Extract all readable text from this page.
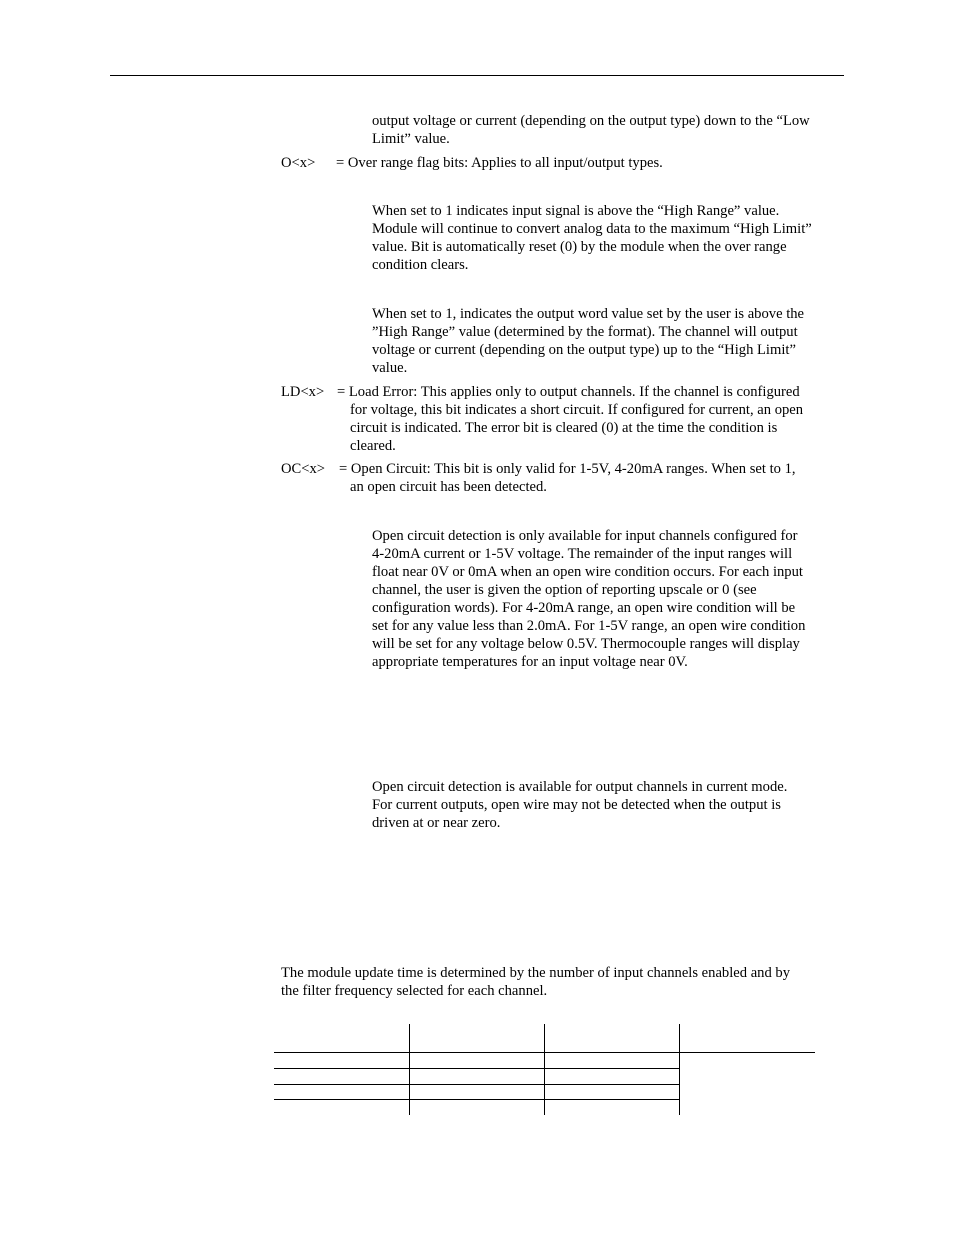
output voltage or current (depending on the output type) down to the “Low
Limit” value.
O<x> = Over range flag bits: Applies to all input/output types.
When set to 1 indicates input signal is above the “High Range” value.
Module will continue to convert analog data to the maximum “High Limit”
value. Bit is automatically reset (0) by the module when the over range
condition clears.
When set to 1, indicates the output word value set by the user is above the
”High Range” value (determined by the format). The channel will output
voltage or current (depending on the output type) up to the “High Limit”
value.
LD<x> = Load Error: This applies only to output channels. If the channel is configured
for voltage, this bit indicates a short circuit. If configured for current, an open
circuit is indicated. The error bit is cleared (0) at the time the condition is
cleared.
OC<x> = Open Circuit: This bit is only valid for 1-5V, 4-20mA ranges. When set to 1,
an open circuit has been detected.
Open circuit detection is only available for input channels configured for
4-20mA current or 1-5V voltage. The remainder of the input ranges will
float near 0V or 0mA when an open wire condition occurs. For each input
channel, the user is given the option of reporting upscale or 0 (see
configuration words). For 4-20mA range, an open wire condition will be
set for any value less than 2.0mA. For 1-5V range, an open wire condition
will be set for any voltage below 0.5V. Thermocouple ranges will display
appropriate temperatures for an input voltage near 0V.
Open circuit detection is available for output channels in current mode.
For current outputs, open wire may not be detected when the output is
driven at or near zero.
The module update time is determined by the number of input channels enabled and by
the filter frequency selected for each channel.
